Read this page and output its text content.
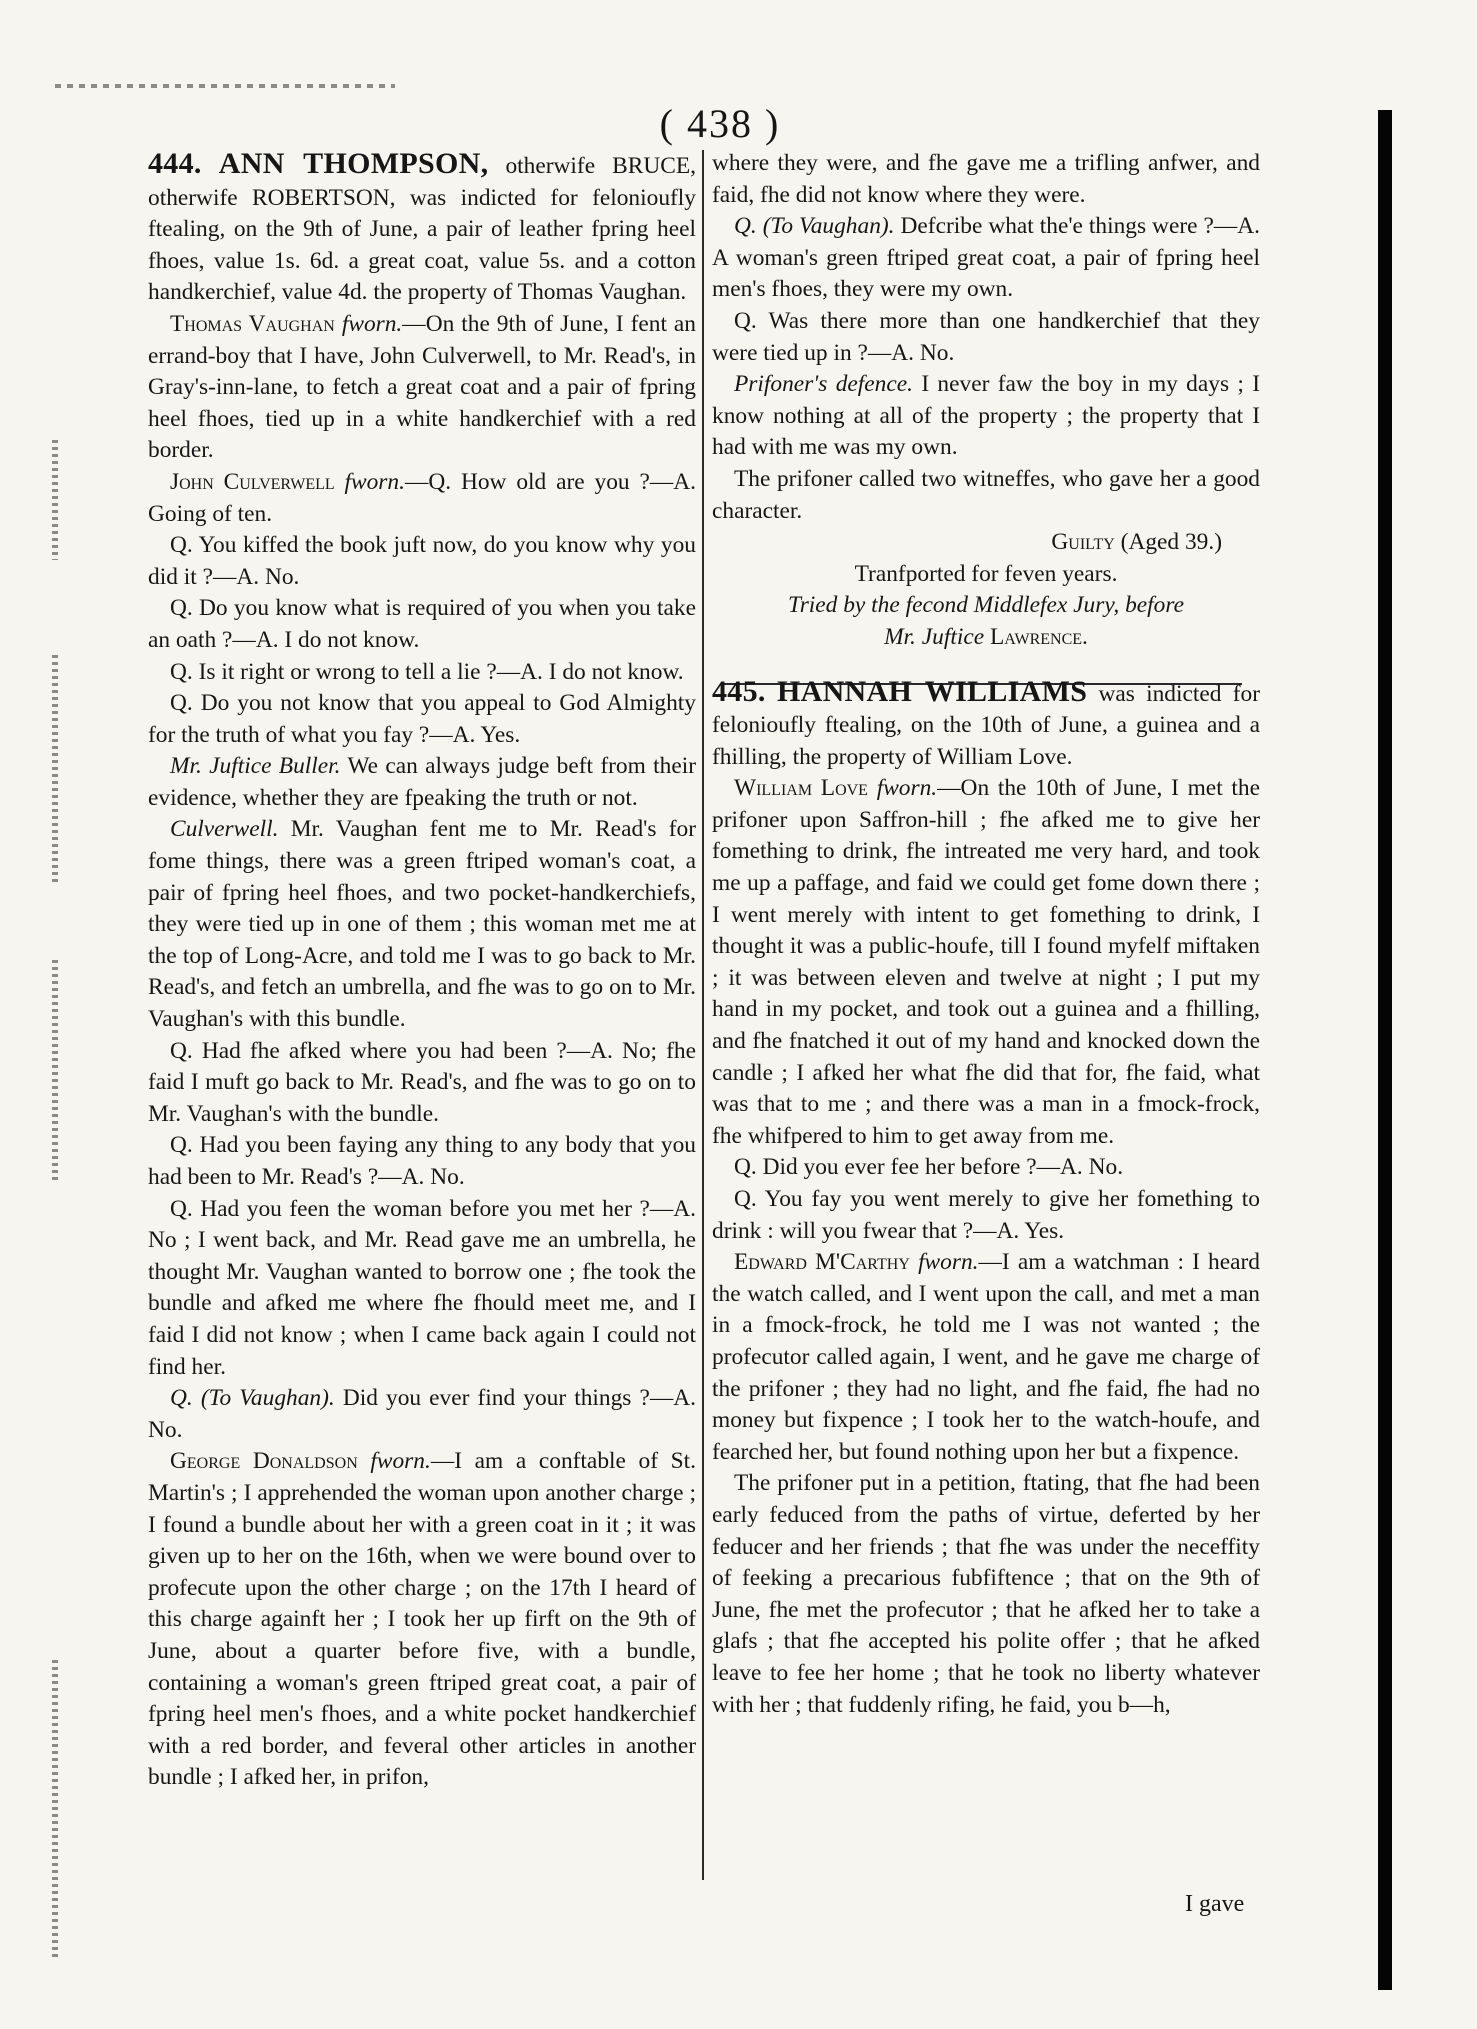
( 438 )

444. ANN THOMPSON, otherwife BRUCE, otherwife ROBERTSON, was indicted for felonioufly ftealing, on the 9th of June, a pair of leather fpring heel fhoes, value 1s. 6d. a great coat, value 5s. and a cotton handkerchief, value 4d. the property of Thomas Vaughan.

Thomas Vaughan fworn.—On the 9th of June, I fent an errand-boy that I have, John Culverwell, to Mr. Read's, in Gray's-inn-lane, to fetch a great coat and a pair of fpring heel fhoes, tied up in a white handkerchief with a red border.

John Culverwell fworn.—Q. How old are you ?—A. Going of ten.

Q. You kiffed the book juft now, do you know why you did it ?—A. No.

Q. Do you know what is required of you when you take an oath ?—A. I do not know.

Q. Is it right or wrong to tell a lie ?—A. I do not know.

Q. Do you not know that you appeal to God Almighty for the truth of what you fay ?—A. Yes.

Mr. Juftice Buller. We can always judge beft from their evidence, whether they are fpeaking the truth or not.

Culverwell. Mr. Vaughan fent me to Mr. Read's for fome things, there was a green ftriped woman's coat, a pair of fpring heel fhoes, and two pocket-handkerchiefs, they were tied up in one of them ; this woman met me at the top of Long-Acre, and told me I was to go back to Mr. Read's, and fetch an umbrella, and fhe was to go on to Mr. Vaughan's with this bundle.

Q. Had fhe afked where you had been ?—A. No; fhe faid I muft go back to Mr. Read's, and fhe was to go on to Mr. Vaughan's with the bundle.

Q. Had you been faying any thing to any body that you had been to Mr. Read's ?—A. No.

Q. Had you feen the woman before you met her ?—A. No ; I went back, and Mr. Read gave me an umbrella, he thought Mr. Vaughan wanted to borrow one ; fhe took the bundle and afked me where fhe fhould meet me, and I faid I did not know ; when I came back again I could not find her.

Q. (To Vaughan). Did you ever find your things ?—A. No.

George Donaldson fworn.—I am a conftable of St. Martin's ; I apprehended the woman upon another charge ; I found a bundle about her with a green coat in it ; it was given up to her on the 16th, when we were bound over to profecute upon the other charge ; on the 17th I heard of this charge againft her ; I took her up firft on the 9th of June, about a quarter before five, with a bundle, containing a woman's green ftriped great coat, a pair of fpring heel men's fhoes, and a white pocket handkerchief with a red border, and feveral other articles in another bundle ; I afked her, in prifon,

where they were, and fhe gave me a trifling anfwer, and faid, fhe did not know where they were.

Q. (To Vaughan). Defcribe what the'e things were ?—A. A woman's green ftriped great coat, a pair of fpring heel men's fhoes, they were my own.

Q. Was there more than one handkerchief that they were tied up in ?—A. No.

Prifoner's defence. I never faw the boy in my days ; I know nothing at all of the property ; the property that I had with me was my own.

The prifoner called two witneffes, who gave her a good character.

Guilty (Aged 39.)

Tranfported for feven years.

Tried by the fecond Middlefex Jury, before

Mr. Juftice Lawrence.

445. HANNAH WILLIAMS was indicted for felonioufly ftealing, on the 10th of June, a guinea and a fhilling, the property of William Love.

William Love fworn.—On the 10th of June, I met the prifoner upon Saffron-hill ; fhe afked me to give her fomething to drink, fhe intreated me very hard, and took me up a paffage, and faid we could get fome down there ; I went merely with intent to get fomething to drink, I thought it was a public-houfe, till I found myfelf miftaken ; it was between eleven and twelve at night ; I put my hand in my pocket, and took out a guinea and a fhilling, and fhe fnatched it out of my hand and knocked down the candle ; I afked her what fhe did that for, fhe faid, what was that to me ; and there was a man in a fmock-frock, fhe whifpered to him to get away from me.

Q. Did you ever fee her before ?—A. No.

Q. You fay you went merely to give her fomething to drink : will you fwear that ?—A. Yes.

Edward M'Carthy fworn.—I am a watchman : I heard the watch called, and I went upon the call, and met a man in a fmock-frock, he told me I was not wanted ; the profecutor called again, I went, and he gave me charge of the prifoner ; they had no light, and fhe faid, fhe had no money but fixpence ; I took her to the watch-houfe, and fearched her, but found nothing upon her but a fixpence.

The prifoner put in a petition, ftating, that fhe had been early feduced from the paths of virtue, deferted by her feducer and her friends ; that fhe was under the neceffity of feeking a precarious fubfiftence ; that on the 9th of June, fhe met the profecutor ; that he afked her to take a glafs ; that fhe accepted his polite offer ; that he afked leave to fee her home ; that he took no liberty whatever with her ; that fuddenly rifing, he faid, you b—h,

I gave
